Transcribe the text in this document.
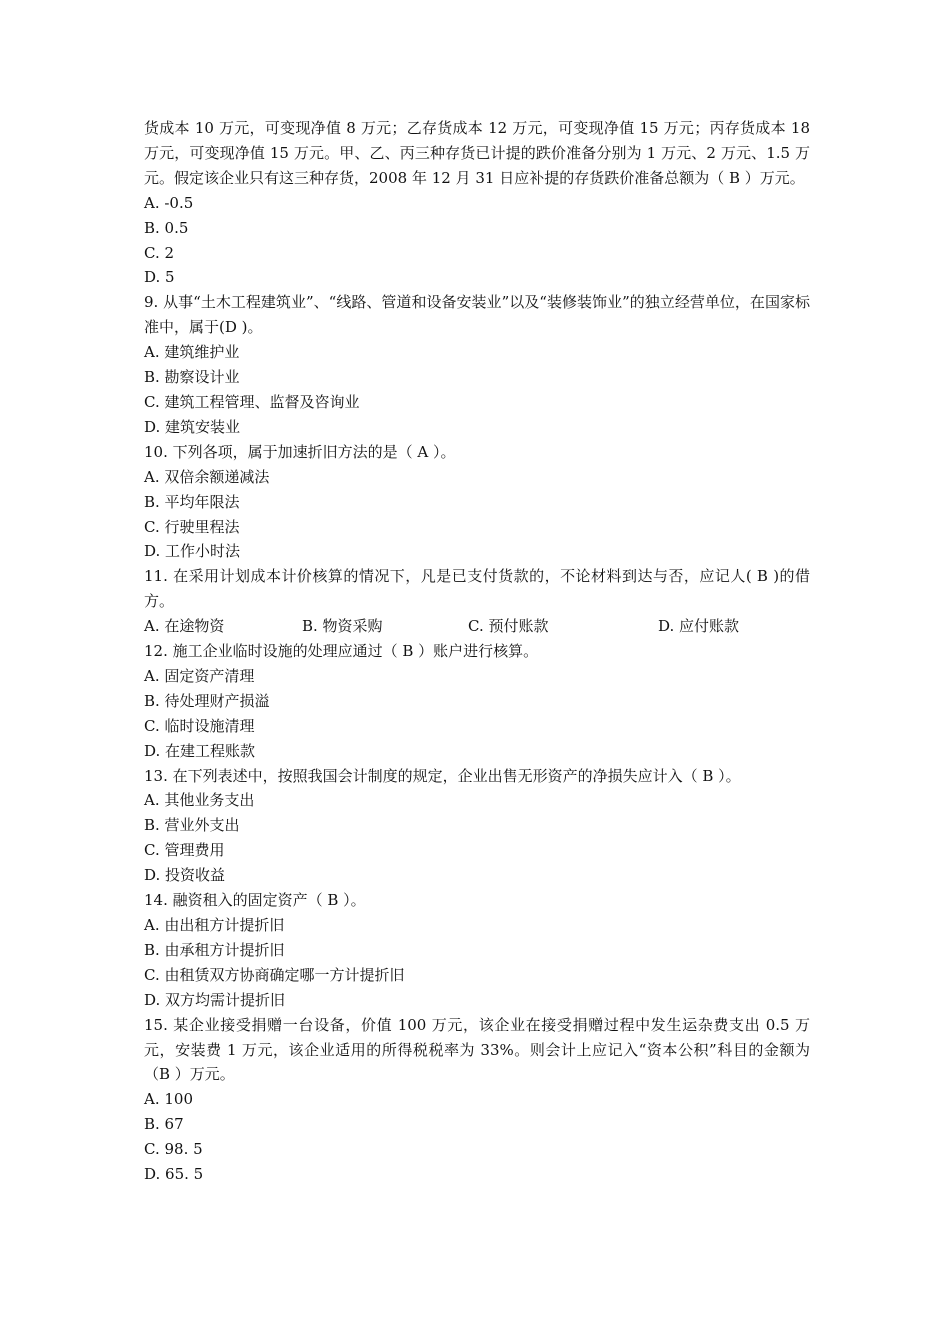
货成本 10 万元，可变现净值 8 万元；乙存货成本 12 万元，可变现净值 15 万元；丙存货成本 18 万元，可变现净值 15 万元。甲、乙、丙三种存货已计提的跌价准备分别为 1 万元、2 万元、1.5 万元。假定该企业只有这三种存货，2008 年 12 月 31 日应补提的存货跌价准备总额为（ B ）万元。

A. -0.5

B. 0.5

C. 2

D. 5

9. 从事“土木工程建筑业”、“线路、管道和设备安装业”以及“装修装饰业”的独立经营单位，在国家标准中，属于(D )。

A. 建筑维护业

B. 勘察设计业

C. 建筑工程管理、监督及咨询业

D. 建筑安装业

10. 下列各项，属于加速折旧方法的是（ A ）。

A. 双倍余额递减法

B. 平均年限法

C. 行驶里程法

D. 工作小时法

11. 在采用计划成本计价核算的情况下，凡是已支付货款的，不论材料到达与否，应记人( B )的借方。

A. 在途物资	B. 物资采购	C. 预付账款	D. 应付账款

12. 施工企业临时设施的处理应通过（ B ）账户进行核算。

A. 固定资产清理

B. 待处理财产损溢

C. 临时设施清理

D. 在建工程账款

13. 在下列表述中，按照我国会计制度的规定，企业出售无形资产的净损失应计入（ B ）。

A. 其他业务支出

B. 营业外支出

C. 管理费用

D. 投资收益

14. 融资租入的固定资产（ B ）。

A. 由出租方计提折旧

B. 由承租方计提折旧

C. 由租赁双方协商确定哪一方计提折旧

D. 双方均需计提折旧

15. 某企业接受捐赠一台设备，价值 100 万元，该企业在接受捐赠过程中发生运杂费支出 0.5 万元，安装费 1 万元，该企业适用的所得税税率为 33%。则会计上应记入“资本公积”科目的金额为（B ）万元。

A. 100

B. 67

C. 98. 5

D. 65. 5
